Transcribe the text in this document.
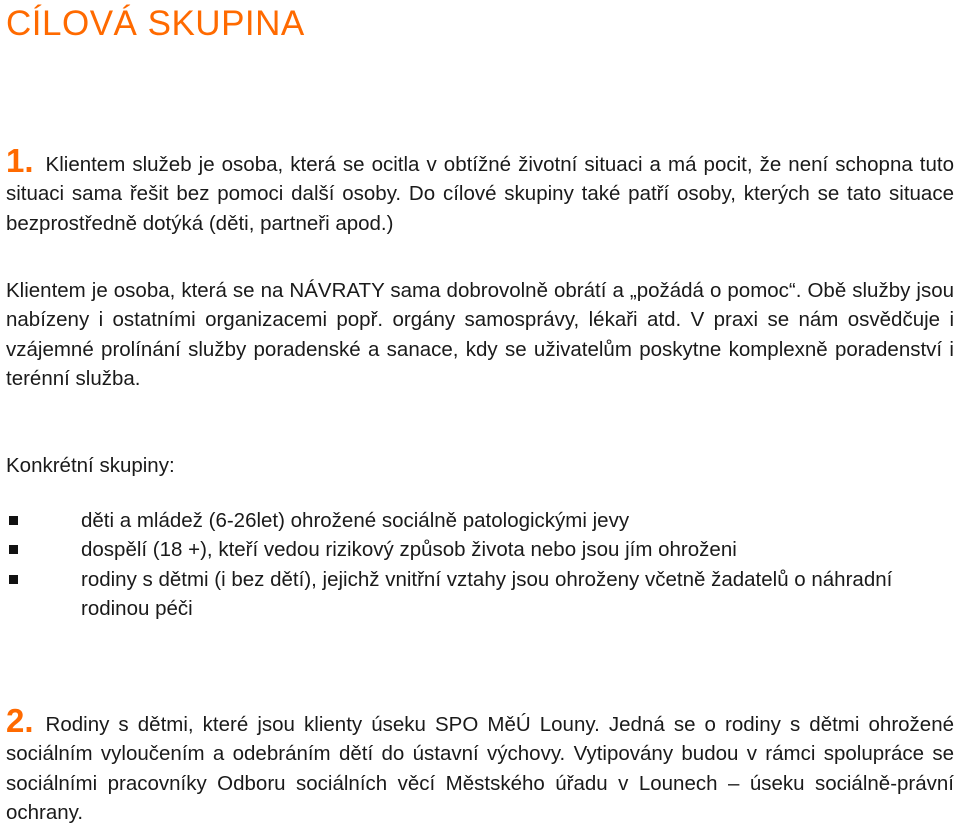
CÍLOVÁ SKUPINA

1. Klientem služeb je osoba, která se ocitla v obtížné životní situaci a má pocit, že není schopna tuto situaci sama řešit bez pomoci další osoby. Do cílové skupiny také patří osoby, kterých se tato situace bezprostředně dotýká (děti, partneři apod.)

Klientem je osoba, která se na NÁVRATY sama dobrovolně obrátí a „požádá o pomoc“. Obě služby jsou nabízeny i ostatními organizacemi popř. orgány samosprávy, lékaři atd. V praxi se nám osvědčuje i vzájemné prolínání služby poradenské a sanace, kdy se uživatelům poskytne komplexně poradenství i terénní služba.

Konkrétní skupiny:

děti a mládež (6-26let) ohrožené sociálně patologickými jevy
dospělí (18 +), kteří vedou rizikový způsob života nebo jsou jím ohroženi
rodiny s dětmi (i bez dětí), jejichž vnitřní vztahy jsou ohroženy včetně žadatelů o náhradní rodinou péči

2. Rodiny s dětmi, které jsou klienty úseku SPO MěÚ Louny. Jedná se o rodiny s dětmi ohrožené sociálním vyloučením a odebráním dětí do ústavní výchovy. Vytipovány budou v rámci spolupráce se sociálními pracovníky Odboru sociálních věcí Městského úřadu v Lounech – úseku sociálně-právní ochrany.
